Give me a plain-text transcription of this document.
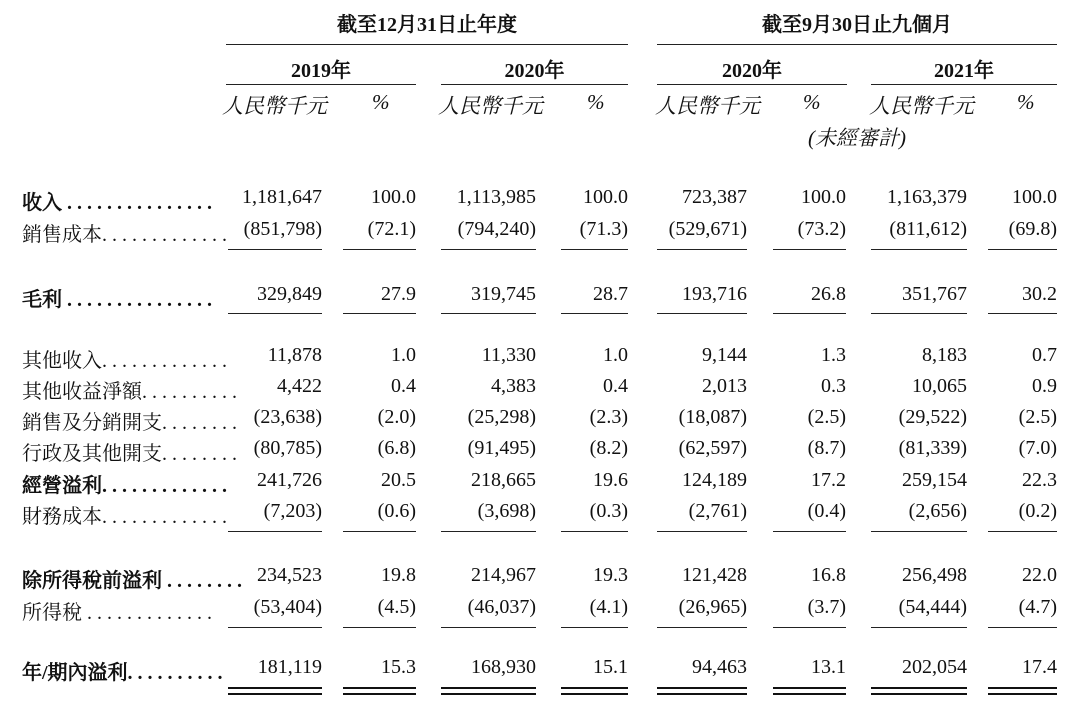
截至12月31日止年度	截至9月30日止九個月
2019年	2020年	2020年	2021年
人民幣千元 % 人民幣千元 % 人民幣千元 % 人民幣千元 %
(未經審計)
收入 . . . . . . . . . . . . . . .	1,181,647	100.0	1,113,985	100.0	723,387	100.0	1,163,379	100.0
銷售成本. . . . . . . . . . . . . (851,798)	(72.1)	(794,240)	(71.3)	(529,671)	(73.2)	(811,612)	(69.8)
毛利 . . . . . . . . . . . . . . .	329,849	27.9	319,745	28.7	193,716	26.8	351,767	30.2
其他收入. . . . . . . . . . . . .	11,878	1.0	11,330	1.0	9,144	1.3	8,183	0.7
其他收益淨額. . . . . . . . . .	4,422	0.4	4,383	0.4	2,013	0.3	10,065	0.9
銷售及分銷開支. . . . . . . . (23,638)	(2.0)	(25,298)	(2.3)	(18,087)	(2.5)	(29,522)	(2.5)
行政及其他開支. . . . . . . . (80,785)	(6.8)	(91,495)	(8.2)	(62,597)	(8.7)	(81,339)	(7.0)
經營溢利. . . . . . . . . . . . .	241,726	20.5	218,665	19.6	124,189	17.2	259,154	22.3
財務成本. . . . . . . . . . . . .	(7,203)	(0.6)	(3,698)	(0.3)	(2,761)	(0.4)	(2,656)	(0.2)
除所得稅前溢利 . . . . . . . . 234,523	19.8	214,967	19.3	121,428	16.8	256,498	22.0
所得稅 . . . . . . . . . . . . .	(53,404)	(4.5)	(46,037)	(4.1)	(26,965)	(3.7)	(54,444)	(4.7)
年/期內溢利. . . . . . . . . .	181,119	15.3	168,930	15.1	94,463	13.1	202,054	17.4
